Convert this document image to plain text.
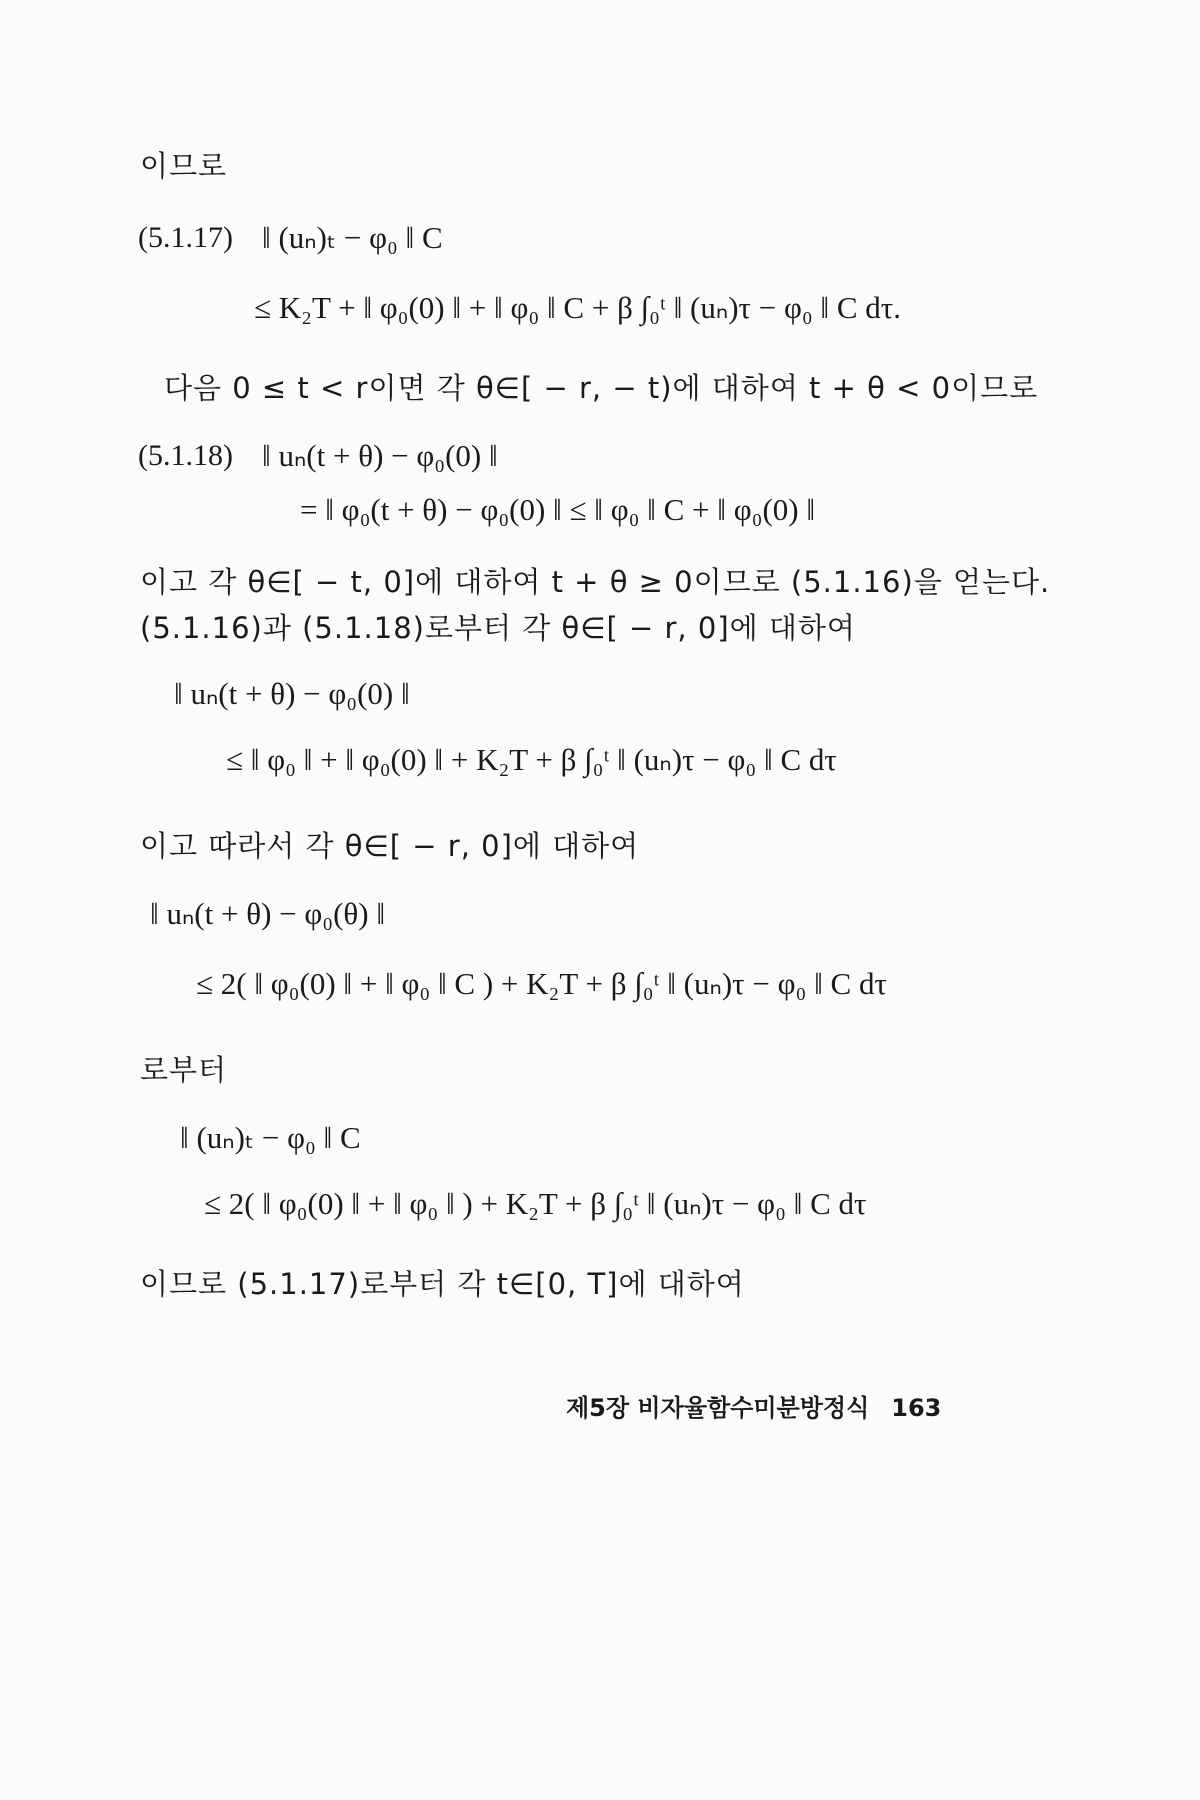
이므로
(5.1.17) ‖ (uₙ)ₜ − φ₀ ‖ C
≤ K₂T + ‖ φ₀(0) ‖ + ‖ φ₀ ‖ C + β ∫₀ᵗ ‖ (uₙ)τ − φ₀ ‖ C dτ.
다음 0 ≤ t < r이면 각 θ∈[ − r, − t)에 대하여 t + θ < 0이므로
(5.1.18) ‖ uₙ(t + θ) − φ₀(0) ‖
= ‖ φ₀(t + θ) − φ₀(0) ‖ ≤ ‖ φ₀ ‖ C + ‖ φ₀(0) ‖
이고 각 θ∈[ − t, 0]에 대하여 t + θ ≥ 0이므로 (5.1.16)을 얻는다.
(5.1.16)과 (5.1.18)로부터 각 θ∈[ − r, 0]에 대하여
‖ uₙ(t + θ) − φ₀(0) ‖
≤ ‖ φ₀ ‖ + ‖ φ₀(0) ‖ + K₂T + β ∫₀ᵗ ‖ (uₙ)τ − φ₀ ‖ C dτ
이고 따라서 각 θ∈[ − r, 0]에 대하여
‖ uₙ(t + θ) − φ₀(θ) ‖
≤ 2( ‖ φ₀(0) ‖ + ‖ φ₀ ‖ C ) + K₂T + β ∫₀ᵗ ‖ (uₙ)τ − φ₀ ‖ C dτ
로부터
‖ (uₙ)ₜ − φ₀ ‖ C
≤ 2( ‖ φ₀(0) ‖ + ‖ φ₀ ‖ ) + K₂T + β ∫₀ᵗ ‖ (uₙ)τ − φ₀ ‖ C dτ
이므로 (5.1.17)로부터 각 t∈[0, T]에 대하여
제5장 비자율함수미분방정식 163
